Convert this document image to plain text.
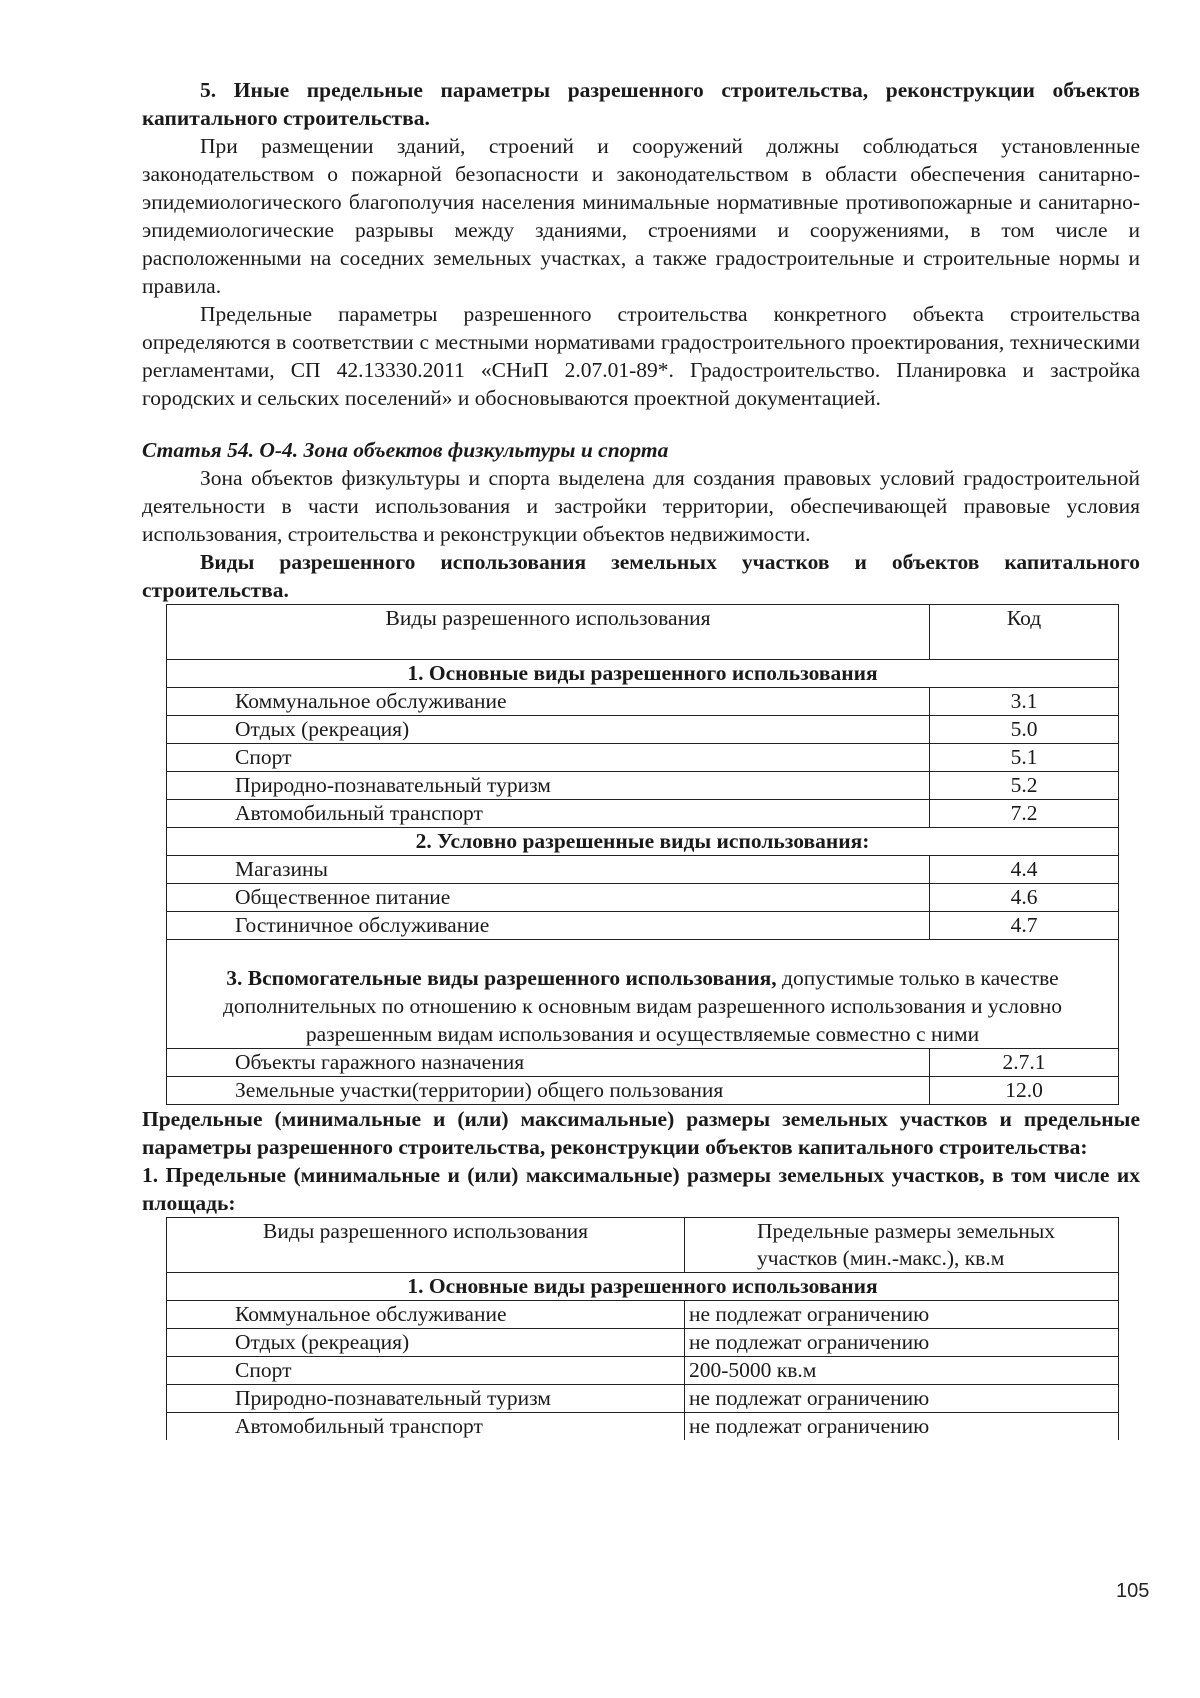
5. Иные предельные параметры разрешенного строительства, реконструкции объектов капитального строительства.

При размещении зданий, строений и сооружений должны соблюдаться установленные законодательством о пожарной безопасности и законодательством в области обеспечения санитарно-эпидемиологического благополучия населения минимальные нормативные противопожарные и санитарно-эпидемиологические разрывы между зданиями, строениями и сооружениями, в том числе и расположенными на соседних земельных участках, а также градостроительные и строительные нормы и правила.

Предельные параметры разрешенного строительства конкретного объекта строительства определяются в соответствии с местными нормативами градостроительного проектирования, техническими регламентами, СП 42.13330.2011 «СНиП 2.07.01-89*. Градостроительство. Планировка и застройка городских и сельских поселений» и обосновываются проектной документацией.

Статья 54. О-4. Зона объектов физкультуры и спорта

Зона объектов физкультуры и спорта выделена для создания правовых условий градостроительной деятельности в части использования и застройки территории, обеспечивающей правовые условия использования, строительства и реконструкции объектов недвижимости.

Виды разрешенного использования земельных участков и объектов капитального строительства.

Виды разрешенного использования	Код
1. Основные виды разрешенного использования	
Коммунальное обслуживание	3.1
Отдых (рекреация)	5.0
Спорт	5.1
Природно-познавательный туризм	5.2
Автомобильный транспорт	7.2
2. Условно разрешенные виды использования:	
Магазины	4.4
Общественное питание	4.6
Гостиничное обслуживание	4.7
3. Вспомогательные виды разрешенного использования, допустимые только в качестве дополнительных по отношению к основным видам разрешенного использования и условно разрешенным видам использования и осуществляемые совместно с ними	
Объекты гаражного назначения	2.7.1
Земельные участки(территории) общего пользования	12.0

Предельные (минимальные и (или) максимальные) размеры земельных участков и предельные параметры разрешенного строительства, реконструкции объектов капитального строительства:

1. Предельные (минимальные и (или) максимальные) размеры земельных участков, в том числе их площадь:

Виды разрешенного использования	Предельные размеры земельных участков (мин.-макс.), кв.м
1. Основные виды разрешенного использования	
Коммунальное обслуживание	не подлежат ограничению
Отдых (рекреация)	не подлежат ограничению
Спорт	200-5000 кв.м
Природно-познавательный туризм	не подлежат ограничению
Автомобильный транспорт	не подлежат ограничению
105
